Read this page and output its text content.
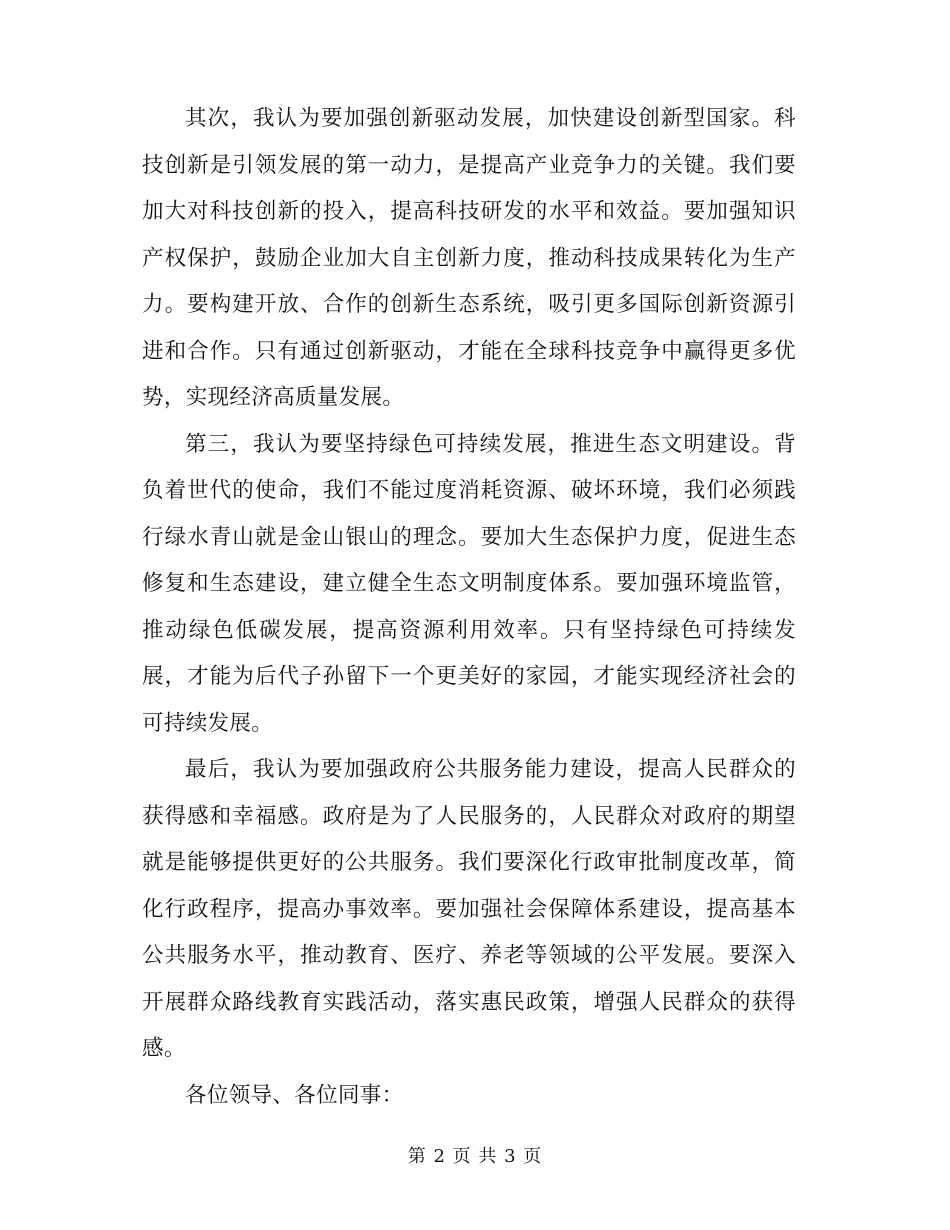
其次，我认为要加强创新驱动发展，加快建设创新型国家。科技创新是引领发展的第一动力，是提高产业竞争力的关键。我们要加大对科技创新的投入，提高科技研发的水平和效益。要加强知识产权保护，鼓励企业加大自主创新力度，推动科技成果转化为生产力。要构建开放、合作的创新生态系统，吸引更多国际创新资源引进和合作。只有通过创新驱动，才能在全球科技竞争中赢得更多优势，实现经济高质量发展。

第三，我认为要坚持绿色可持续发展，推进生态文明建设。背负着世代的使命，我们不能过度消耗资源、破坏环境，我们必须践行绿水青山就是金山银山的理念。要加大生态保护力度，促进生态修复和生态建设，建立健全生态文明制度体系。要加强环境监管，推动绿色低碳发展，提高资源利用效率。只有坚持绿色可持续发展，才能为后代子孙留下一个更美好的家园，才能实现经济社会的可持续发展。

最后，我认为要加强政府公共服务能力建设，提高人民群众的获得感和幸福感。政府是为了人民服务的，人民群众对政府的期望就是能够提供更好的公共服务。我们要深化行政审批制度改革，简化行政程序，提高办事效率。要加强社会保障体系建设，提高基本公共服务水平，推动教育、医疗、养老等领域的公平发展。要深入开展群众路线教育实践活动，落实惠民政策，增强人民群众的获得感。

各位领导、各位同事：

第 2 页 共 3 页
